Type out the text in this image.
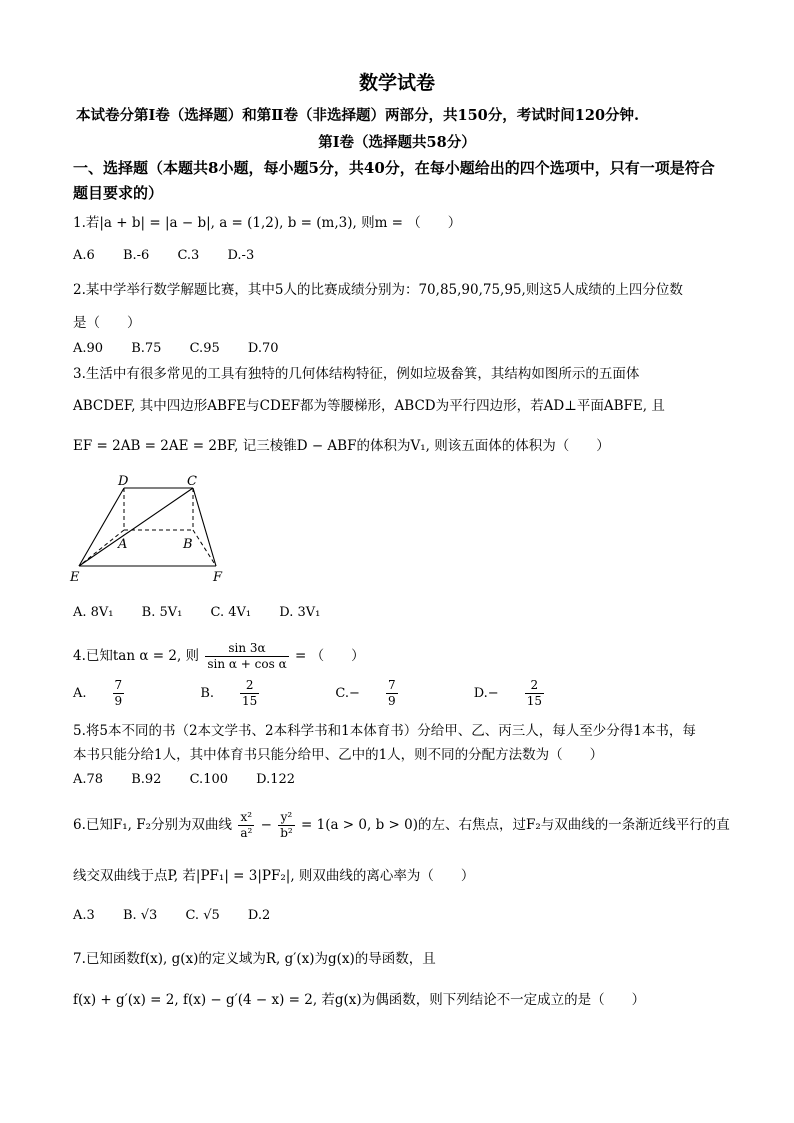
数学试卷
本试卷分第Ⅰ卷（选择题）和第Ⅱ卷（非选择题）两部分，共150分，考试时间120分钟.
第Ⅰ卷（选择题共58分）
一、选择题（本题共8小题，每小题5分，共40分，在每小题给出的四个选项中，只有一项是符合题目要求的）
1.若|a + b| = |a − b|, a = (1,2), b = (m,3), 则m = （　　）
A.6 B.-6 C.3 D.-3
2.某中学举行数学解题比赛，其中5人的比赛成绩分别为：70,85,90,75,95,则这5人成绩的上四分位数
是（　　）
A.90 B.75 C.95 D.70
3.生活中有很多常见的工具有独特的几何体结构特征，例如垃圾畚箕，其结构如图所示的五面体
ABCDEF, 其中四边形ABFE与CDEF都为等腰梯形，ABCD为平行四边形，若AD⊥平面ABFE, 且
EF = 2AB = 2AE = 2BF, 记三棱锥D − ABF的体积为V₁, 则该五面体的体积为（　　）
D	C
A	B
E	F
A. 8V₁ B. 5V₁ C. 4V₁ D. 3V₁
4.已知tan α = 2, 则 $\frac{\sin 3\alpha}{\text{sin α + cos α}}$ = （　　）
A. $\frac{7}{9}$	B. $\frac{2}{15}$	$C.- \frac{7}{9}$	$D.- \frac{2}{15}$
5.将5本不同的书（2本文学书、2本科学书和1本体育书）分给甲、乙、丙三人，每人至少分得1本书，每
本书只能分给1人，其中体育书只能分给甲、乙中的1人，则不同的分配方法数为（　　）
A.78 B.92 C.100 D.122
6.已知F₁, F₂分别为双曲线 $\frac{\text{x²}}{\text{a²}} - \frac{\text{y²}}{\text{b²}} = 1(a > 0$, b > 0)的左、右焦点，过F₂与双曲线的一条渐近线平行的直
线交双曲线于点P, 若|PF₁| = 3|PF₂|, 则双曲线的离心率为（　　）
A.3 B. √3 C. √5 D.2
7.已知函数f(x), g(x)的定义域为R, g′(x)为g(x)的导函数，且
f(x) + g′(x) = 2, f(x) − g′(4 − x) = 2, 若g(x)为偶函数，则下列结论不一定成立的是（　　）
